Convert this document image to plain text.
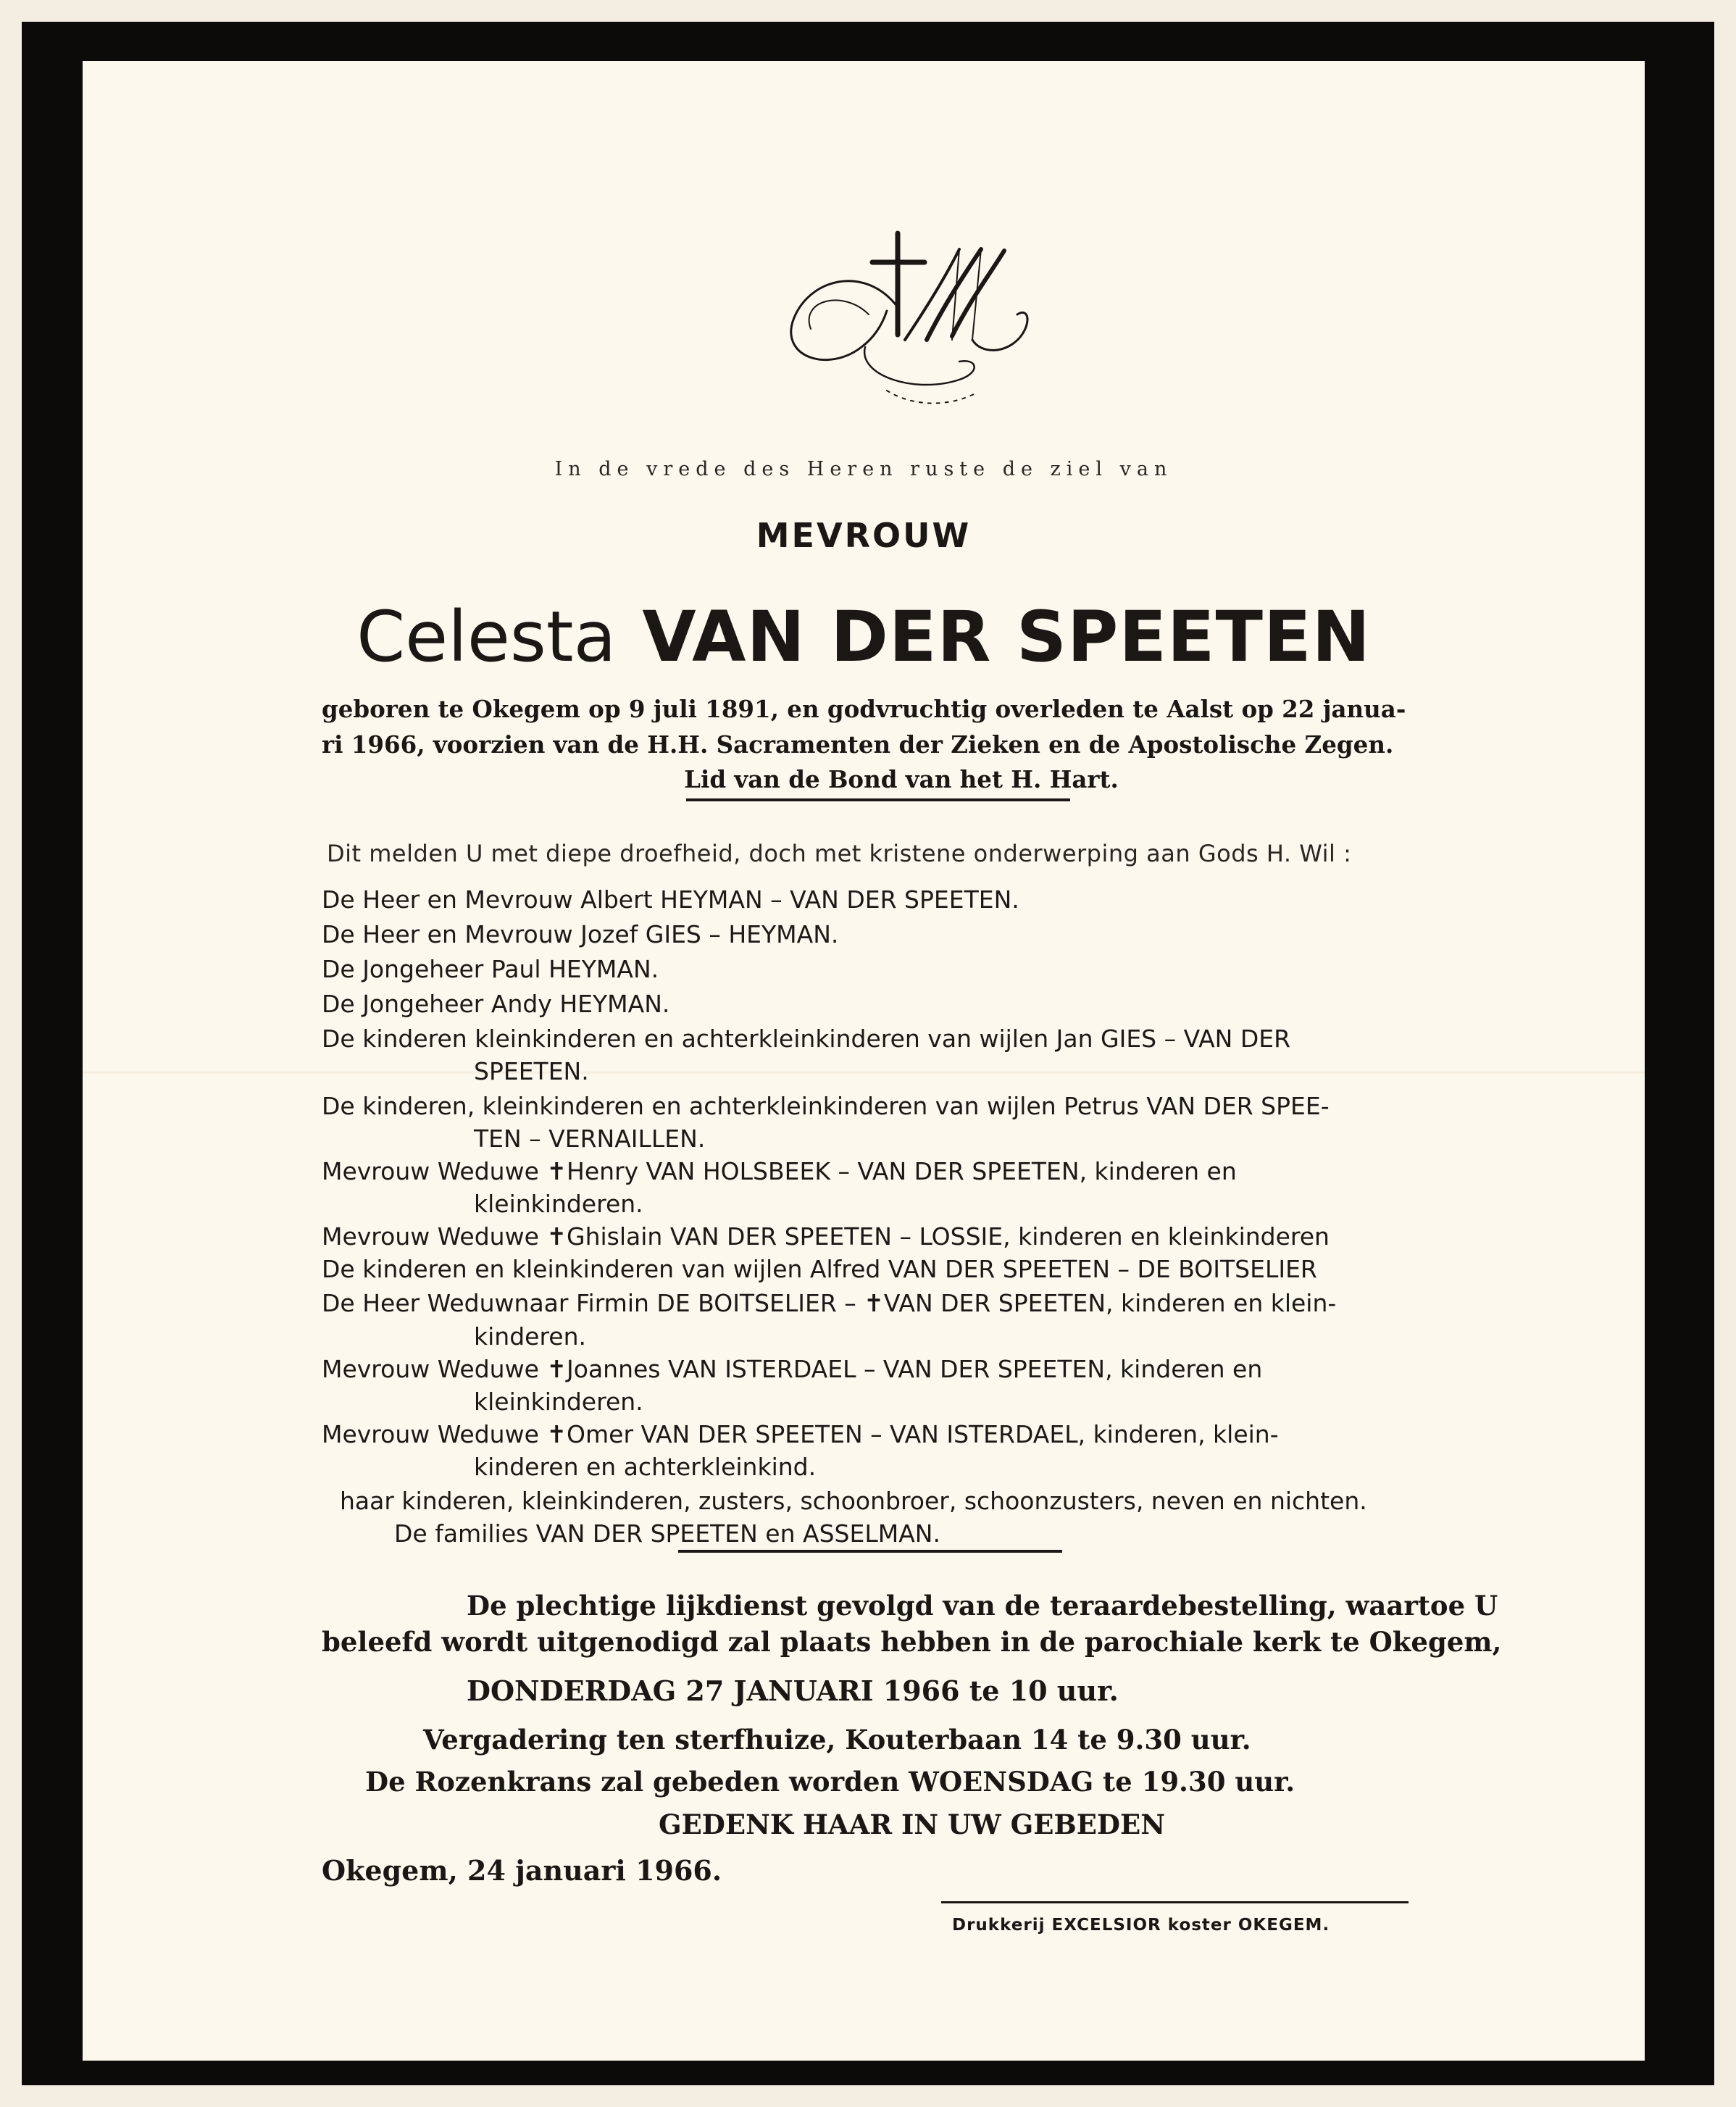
In de vrede des Heren ruste de ziel van
MEVROUW
Celesta VAN DER SPEETEN
geboren te Okegem op 9 juli 1891, en godvruchtig overleden te Aalst op 22 janua-
ri 1966, voorzien van de H.H. Sacramenten der Zieken en de Apostolische Zegen.
Lid van de Bond van het H. Hart.
Dit melden U met diepe droefheid, doch met kristene onderwerping aan Gods H. Wil :
De Heer en Mevrouw Albert HEYMAN – VAN DER SPEETEN.
De Heer en Mevrouw Jozef GIES – HEYMAN.
De Jongeheer Paul HEYMAN.
De Jongeheer Andy HEYMAN.
De kinderen kleinkinderen en achterkleinkinderen van wijlen Jan GIES – VAN DER
SPEETEN.
De kinderen, kleinkinderen en achterkleinkinderen van wijlen Petrus VAN DER SPEE-
TEN – VERNAILLEN.
Mevrouw Weduwe ✝Henry VAN HOLSBEEK – VAN DER SPEETEN, kinderen en
kleinkinderen.
Mevrouw Weduwe ✝Ghislain VAN DER SPEETEN – LOSSIE, kinderen en kleinkinderen
De kinderen en kleinkinderen van wijlen Alfred VAN DER SPEETEN – DE BOITSELIER
De Heer Weduwnaar Firmin DE BOITSELIER – ✝VAN DER SPEETEN, kinderen en klein-
kinderen.
Mevrouw Weduwe ✝Joannes VAN ISTERDAEL – VAN DER SPEETEN, kinderen en
kleinkinderen.
Mevrouw Weduwe ✝Omer VAN DER SPEETEN – VAN ISTERDAEL, kinderen, klein-
kinderen en achterkleinkind.
haar kinderen, kleinkinderen, zusters, schoonbroer, schoonzusters, neven en nichten.
De families VAN DER SPEETEN en ASSELMAN.
De plechtige lijkdienst gevolgd van de teraardebestelling, waartoe U
beleefd wordt uitgenodigd zal plaats hebben in de parochiale kerk te Okegem,
DONDERDAG 27 JANUARI 1966 te 10 uur.
Vergadering ten sterfhuize, Kouterbaan 14 te 9.30 uur.
De Rozenkrans zal gebeden worden WOENSDAG te 19.30 uur.
GEDENK HAAR IN UW GEBEDEN
Okegem, 24 januari 1966.
Drukkerij EXCELSIOR koster OKEGEM.
